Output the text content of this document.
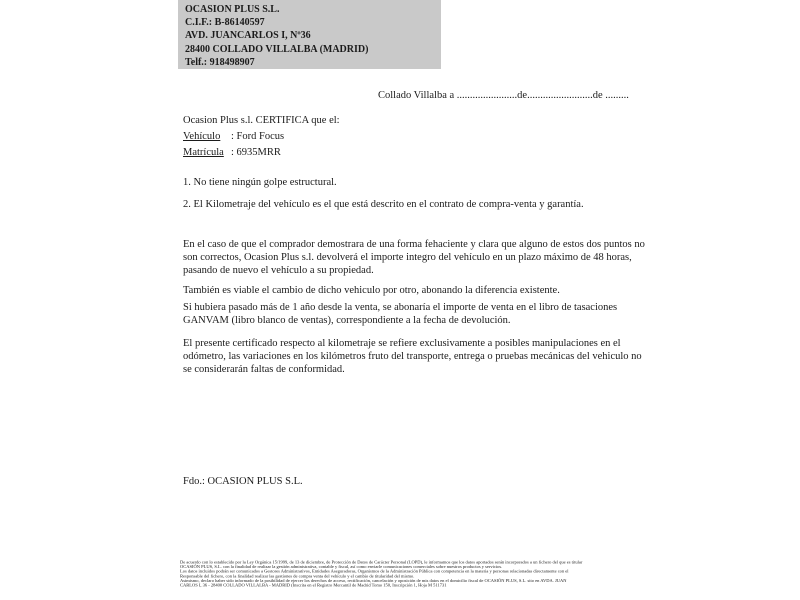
OCASION PLUS S.L.
C.I.F.: B-86140597
AVD. JUANCARLOS I, Nº36
28400 COLLADO VILLALBA (MADRID)
Telf.: 918498907
Collado Villalba a .......................de.........................de .........
Ocasion Plus s.l. CERTIFICA que el:
Vehículo : Ford Focus
Matrícula : 6935MRR
1. No tiene ningún golpe estructural.
2. El Kilometraje del vehículo es el que está descrito en el contrato de compra-venta y garantía.
En el caso de que el comprador demostrara de una forma fehaciente y clara que alguno de estos dos puntos no son correctos, Ocasion Plus s.l. devolverá el importe integro del vehículo en un plazo máximo de 48 horas, pasando de nuevo el vehículo a su propiedad.
También es viable el cambio de dicho vehiculo por otro, abonando la diferencia existente.
Si hubiera pasado más de 1 año desde la venta, se abonaría el importe de venta en el libro de tasaciones GANVAM (libro blanco de ventas), correspondiente a la fecha de devolución.
El presente certificado respecto al kilometraje se refiere exclusivamente a posibles manipulaciones en el odómetro, las variaciones en los kilómetros fruto del transporte, entrega o pruebas mecánicas del vehiculo no se considerarán faltas de conformidad.
Fdo.: OCASION PLUS S.L.
De acuerdo con lo establecido por la Ley Orgánica 15/1999, de 13 de diciembre, de Protección de Datos de Carácter Personal (LOPD), le informamos que los datos aportados serán incorporados a un fichero del que es titular
OCASIÓN PLUS, S.L. con la finalidad de realizar la gestión administrativa, contable y fiscal, así como enviarle comunicaciones comerciales sobre nuestros productos y servicios.
Los datos incluidos podrán ser comunicados a Gestores Administrativos, Entidades Aseguradoras, Organismos de la Administración Pública con competencia en la materia y personas relacionadas directamente con el
Responsable del fichero, con la finalidad realizar las gestiones de compra venta del vehículo y el cambio de titularidad del mismo.
Asimismo, declaro haber sido informado de la posibilidad de ejercer los derechos de acceso, rectificación, cancelación y oposición de mis datos en el domicilio fiscal de OCASIÓN PLUS, S.L. sito en AVDA. JUAN
CARLOS I, 36 - 28400 COLLADO VILLALBA - MADRID (Inscrita en el Registro Mercantil de Madrid Tomo 150, Inscripción 1, Hoja M 511731
